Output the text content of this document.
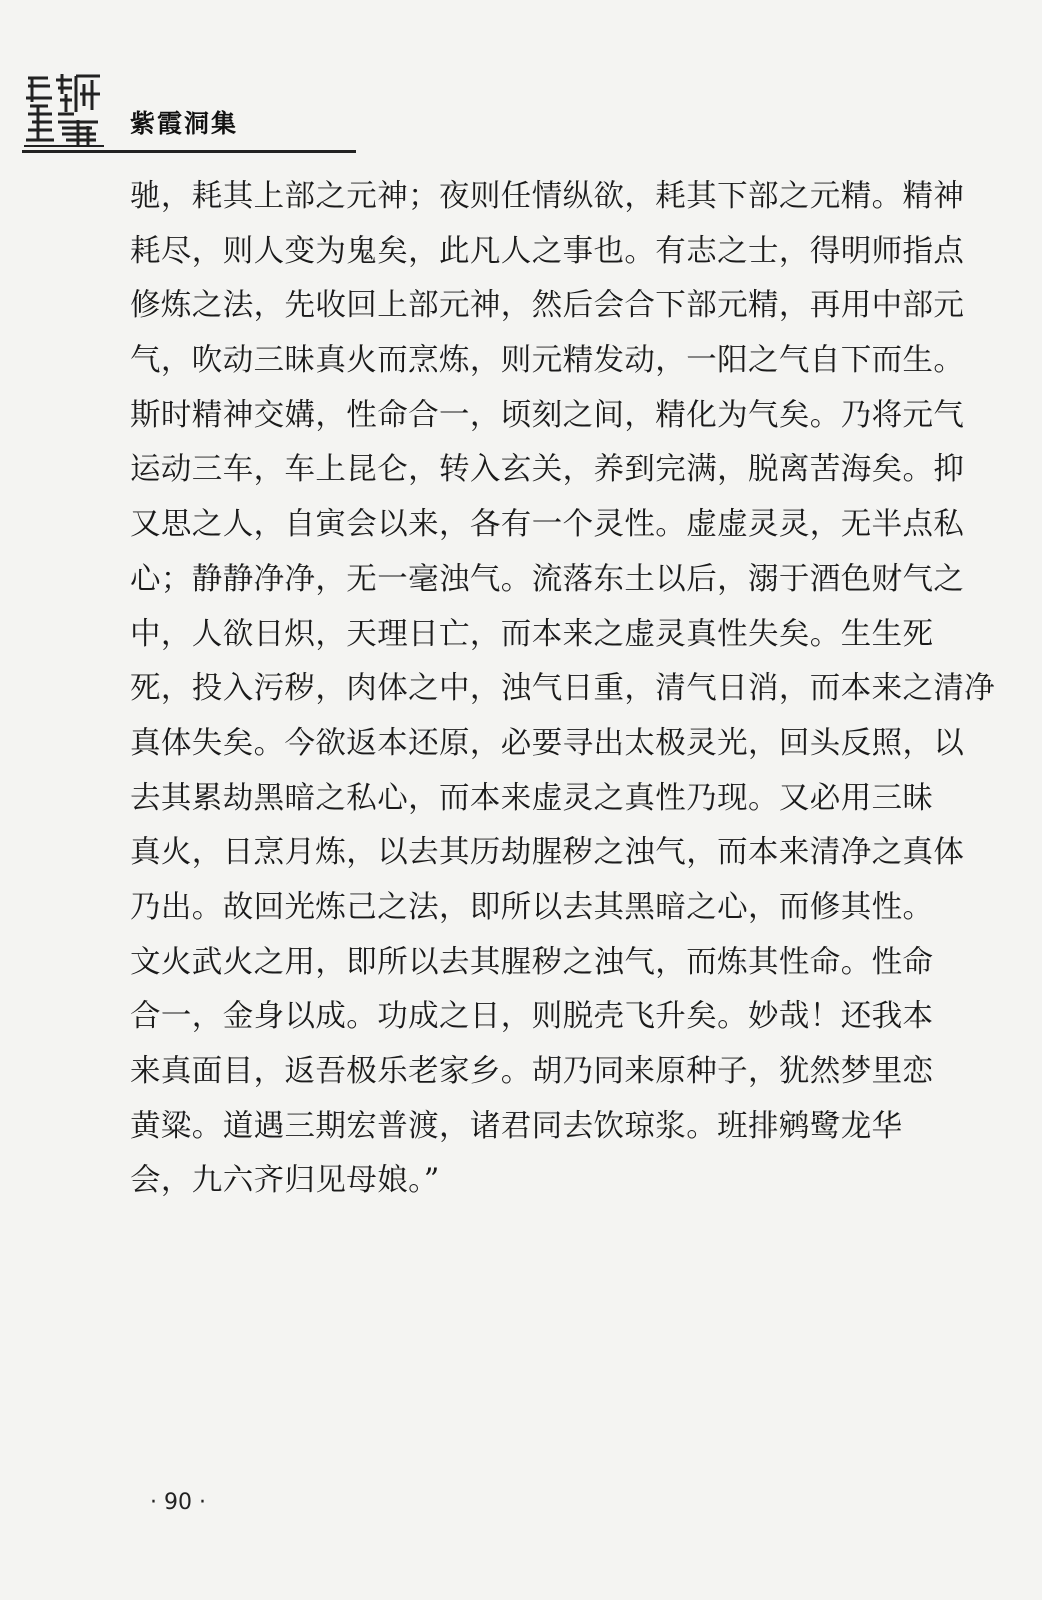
紫霞洞集
驰，耗其上部之元神；夜则任情纵欲，耗其下部之元精。精神
耗尽，则人变为鬼矣，此凡人之事也。有志之士，得明师指点
修炼之法，先收回上部元神，然后会合下部元精，再用中部元
气，吹动三昧真火而烹炼，则元精发动，一阳之气自下而生。
斯时精神交媾，性命合一，顷刻之间，精化为气矣。乃将元气
运动三车，车上昆仑，转入玄关，养到完满，脱离苦海矣。抑
又思之人，自寅会以来，各有一个灵性。虚虚灵灵，无半点私
心；静静净净，无一毫浊气。流落东土以后，溺于酒色财气之
中，人欲日炽，天理日亡，而本来之虚灵真性失矣。生生死
死，投入污秽，肉体之中，浊气日重，清气日消，而本来之清净
真体失矣。今欲返本还原，必要寻出太极灵光，回头反照，以
去其累劫黑暗之私心，而本来虚灵之真性乃现。又必用三昧
真火，日烹月炼，以去其历劫腥秽之浊气，而本来清净之真体
乃出。故回光炼己之法，即所以去其黑暗之心，而修其性。
文火武火之用，即所以去其腥秽之浊气，而炼其性命。性命
合一，金身以成。功成之日，则脱壳飞升矣。妙哉！还我本
来真面目，返吾极乐老家乡。胡乃同来原种子，犹然梦里恋
黄粱。道遇三期宏普渡，诸君同去饮琼浆。班排鹓鹭龙华
会，九六齐归见母娘。”
· 90 ·
